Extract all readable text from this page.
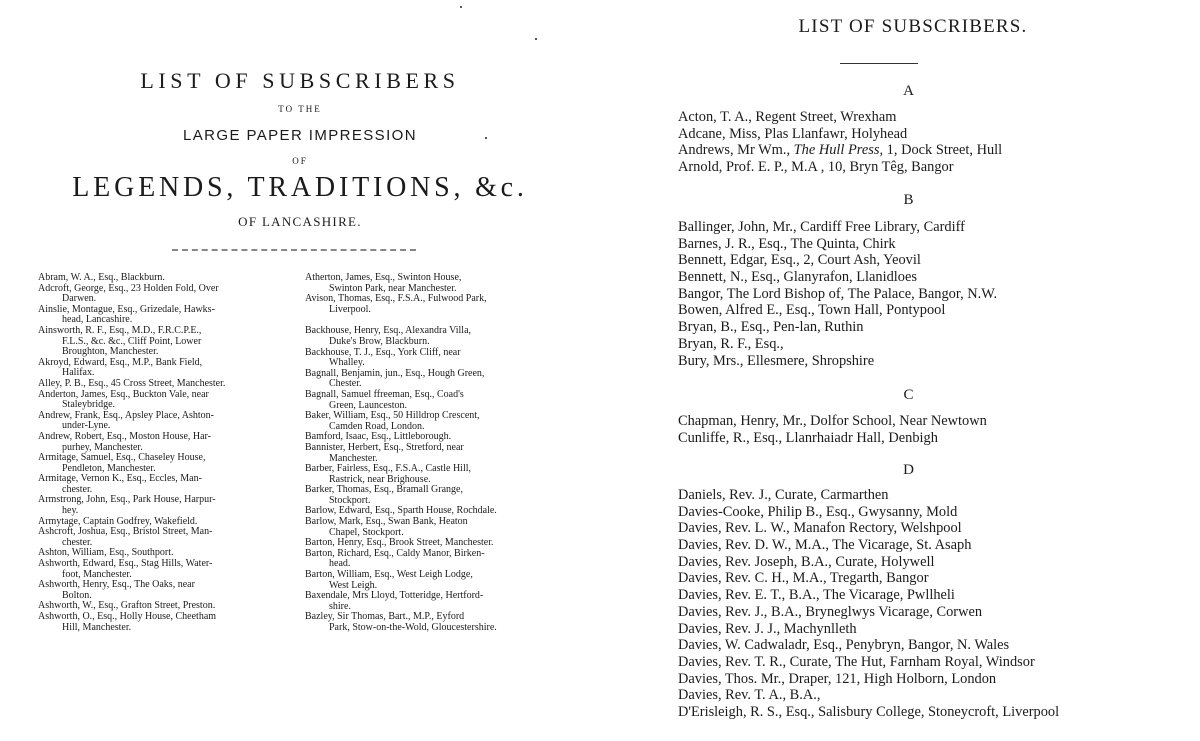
LIST OF SUBSCRIBERS
TO THE
LARGE PAPER IMPRESSION
OF
LEGENDS, TRADITIONS, &c.
OF LANCASHIRE.
Abram, W. A., Esq., Blackburn.
Adcroft, George, Esq., 23 Holden Fold, Over
Darwen.
Ainslie, Montague, Esq., Grizedale, Hawks-
head, Lancashire.
Ainsworth, R. F., Esq., M.D., F.R.C.P.E.,
F.L.S., &c. &c., Cliff Point, Lower
Broughton, Manchester.
Akroyd, Edward, Esq., M.P., Bank Field,
Halifax.
Alley, P. B., Esq., 45 Cross Street, Manchester.
Anderton, James, Esq., Buckton Vale, near
Staleybridge.
Andrew, Frank, Esq., Apsley Place, Ashton-
under-Lyne.
Andrew, Robert, Esq., Moston House, Har-
purhey, Manchester.
Armitage, Samuel, Esq., Chaseley House,
Pendleton, Manchester.
Armitage, Vernon K., Esq., Eccles, Man-
chester.
Armstrong, John, Esq., Park House, Harpur-
hey.
Armytage, Captain Godfrey, Wakefield.
Ashcroft, Joshua, Esq., Bristol Street, Man-
chester.
Ashton, William, Esq., Southport.
Ashworth, Edward, Esq., Stag Hills, Water-
foot, Manchester.
Ashworth, Henry, Esq., The Oaks, near
Bolton.
Ashworth, W., Esq., Grafton Street, Preston.
Ashworth, O., Esq., Holly House, Cheetham
Hill, Manchester.
Atherton, James, Esq., Swinton House,
Swinton Park, near Manchester.
Avison, Thomas, Esq., F.S.A., Fulwood Park,
Liverpool.
Backhouse, Henry, Esq., Alexandra Villa,
Duke's Brow, Blackburn.
Backhouse, T. J., Esq., York Cliff, near
Whalley.
Bagnall, Benjamin, jun., Esq., Hough Green,
Chester.
Bagnall, Samuel ffreeman, Esq., Coad's
Green, Launceston.
Baker, William, Esq., 50 Hilldrop Crescent,
Camden Road, London.
Bamford, Isaac, Esq., Littleborough.
Bannister, Herbert, Esq., Stretford, near
Manchester.
Barber, Fairless, Esq., F.S.A., Castle Hill,
Rastrick, near Brighouse.
Barker, Thomas, Esq., Bramall Grange,
Stockport.
Barlow, Edward, Esq., Sparth House, Rochdale.
Barlow, Mark, Esq., Swan Bank, Heaton
Chapel, Stockport.
Barton, Henry, Esq., Brook Street, Manchester.
Barton, Richard, Esq., Caldy Manor, Birken-
head.
Barton, William, Esq., West Leigh Lodge,
West Leigh.
Baxendale, Mrs Lloyd, Totteridge, Hertford-
shire.
Bazley, Sir Thomas, Bart., M.P., Eyford
Park, Stow-on-the-Wold, Gloucestershire.
LIST OF SUBSCRIBERS.
A
Acton, T. A., Regent Street, Wrexham
Adcane, Miss, Plas Llanfawr, Holyhead
Andrews, Mr Wm., The Hull Press, 1, Dock Street, Hull
Arnold, Prof. E. P., M.A , 10, Bryn Têg, Bangor
B
Ballinger, John, Mr., Cardiff Free Library, Cardiff
Barnes, J. R., Esq., The Quinta, Chirk
Bennett, Edgar, Esq., 2, Court Ash, Yeovil
Bennett, N., Esq., Glanyrafon, Llanidloes
Bangor, The Lord Bishop of, The Palace, Bangor, N.W.
Bowen, Alfred E., Esq., Town Hall, Pontypool
Bryan, B., Esq., Pen-lan, Ruthin
Bryan, R. F., Esq.,
Bury, Mrs., Ellesmere, Shropshire
C
Chapman, Henry, Mr., Dolfor School, Near Newtown
Cunliffe, R., Esq., Llanrhaiadr Hall, Denbigh
D
Daniels, Rev. J., Curate, Carmarthen
Davies-Cooke, Philip B., Esq., Gwysanny, Mold
Davies, Rev. L. W., Manafon Rectory, Welshpool
Davies, Rev. D. W., M.A., The Vicarage, St. Asaph
Davies, Rev. Joseph, B.A., Curate, Holywell
Davies, Rev. C. H., M.A., Tregarth, Bangor
Davies, Rev. E. T., B.A., The Vicarage, Pwllheli
Davies, Rev. J., B.A., Bryneglwys Vicarage, Corwen
Davies, Rev. J. J., Machynlleth
Davies, W. Cadwaladr, Esq., Penybryn, Bangor, N. Wales
Davies, Rev. T. R., Curate, The Hut, Farnham Royal, Windsor
Davies, Thos. Mr., Draper, 121, High Holborn, London
Davies, Rev. T. A., B.A.,
D'Erisleigh, R. S., Esq., Salisbury College, Stoneycroft, Liverpool
